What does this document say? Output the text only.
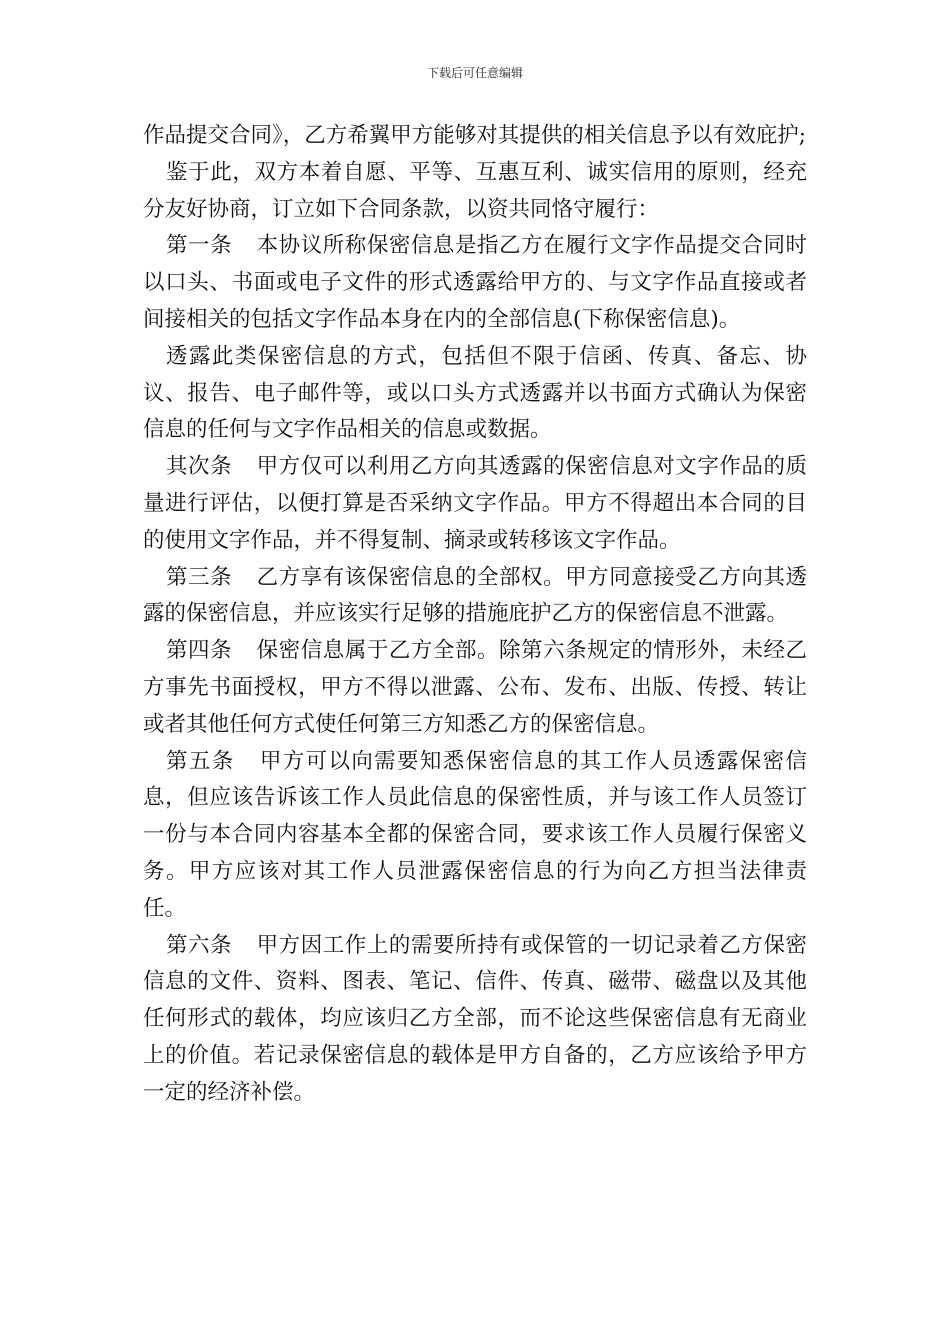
下载后可任意编辑

作品提交合同》，乙方希翼甲方能够对其提供的相关信息予以有效庇护;

鉴于此，双方本着自愿、平等、互惠互利、诚实信用的原则，经充分友好协商，订立如下合同条款，以资共同恪守履行：

第一条 本协议所称保密信息是指乙方在履行文字作品提交合同时以口头、书面或电子文件的形式透露给甲方的、与文字作品直接或者间接相关的包括文字作品本身在内的全部信息(下称保密信息)。

透露此类保密信息的方式，包括但不限于信函、传真、备忘、协议、报告、电子邮件等，或以口头方式透露并以书面方式确认为保密信息的任何与文字作品相关的信息或数据。

其次条 甲方仅可以利用乙方向其透露的保密信息对文字作品的质量进行评估，以便打算是否采纳文字作品。甲方不得超出本合同的目的使用文字作品，并不得复制、摘录或转移该文字作品。

第三条 乙方享有该保密信息的全部权。甲方同意接受乙方向其透露的保密信息，并应该实行足够的措施庇护乙方的保密信息不泄露。

第四条 保密信息属于乙方全部。除第六条规定的情形外，未经乙方事先书面授权，甲方不得以泄露、公布、发布、出版、传授、转让或者其他任何方式使任何第三方知悉乙方的保密信息。

第五条 甲方可以向需要知悉保密信息的其工作人员透露保密信息，但应该告诉该工作人员此信息的保密性质，并与该工作人员签订一份与本合同内容基本全都的保密合同，要求该工作人员履行保密义务。甲方应该对其工作人员泄露保密信息的行为向乙方担当法律责任。

第六条 甲方因工作上的需要所持有或保管的一切记录着乙方保密信息的文件、资料、图表、笔记、信件、传真、磁带、磁盘以及其他任何形式的载体，均应该归乙方全部，而不论这些保密信息有无商业上的价值。若记录保密信息的载体是甲方自备的，乙方应该给予甲方一定的经济补偿。
